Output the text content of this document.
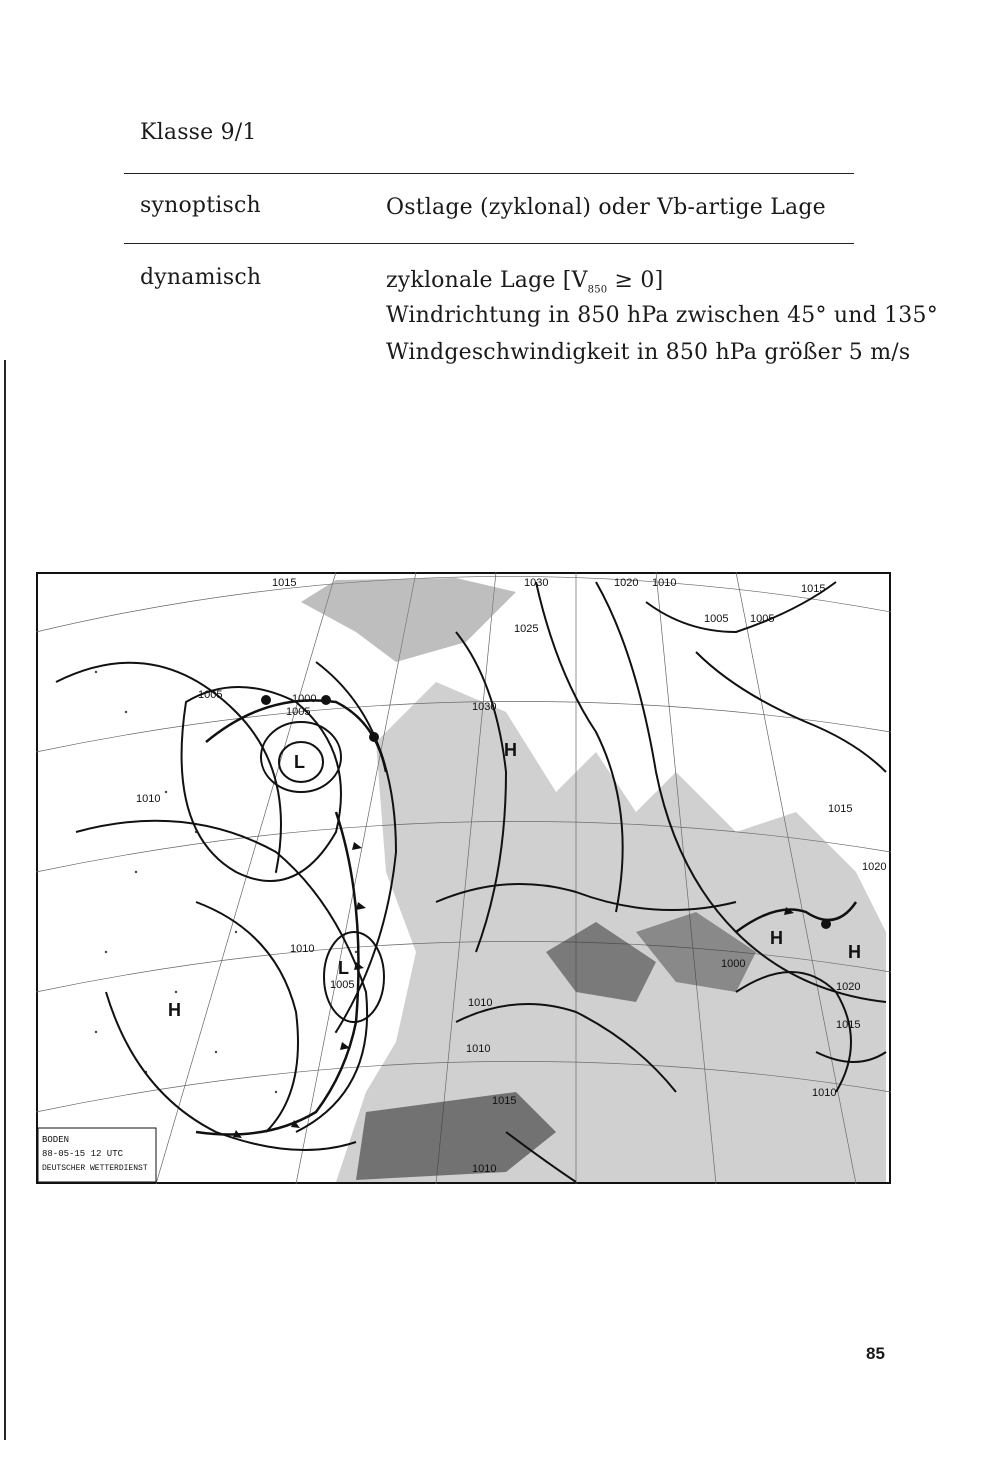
Klasse 9/1
synoptisch	Ostlage (zyklonal) oder Vb-artige Lage
dynamisch	zyklonale Lage $[V_{850} \ge 0]$
Windrichtung in 850 hPa zwischen 45° und 135°
Windgeschwindigkeit in 850 hPa größer 5 m/s
1015	1030	1020 1010	1015
1005 1005
1005	1000
1005
1010
1025
1030
1010
1015
1020
1020
1015
1010
1010
1010
1000
1005
1015
1010
L
H
H
H
H
L
BODEN
88-05-15 12 UTC
DEUTSCHER WETTERDIENST
85
